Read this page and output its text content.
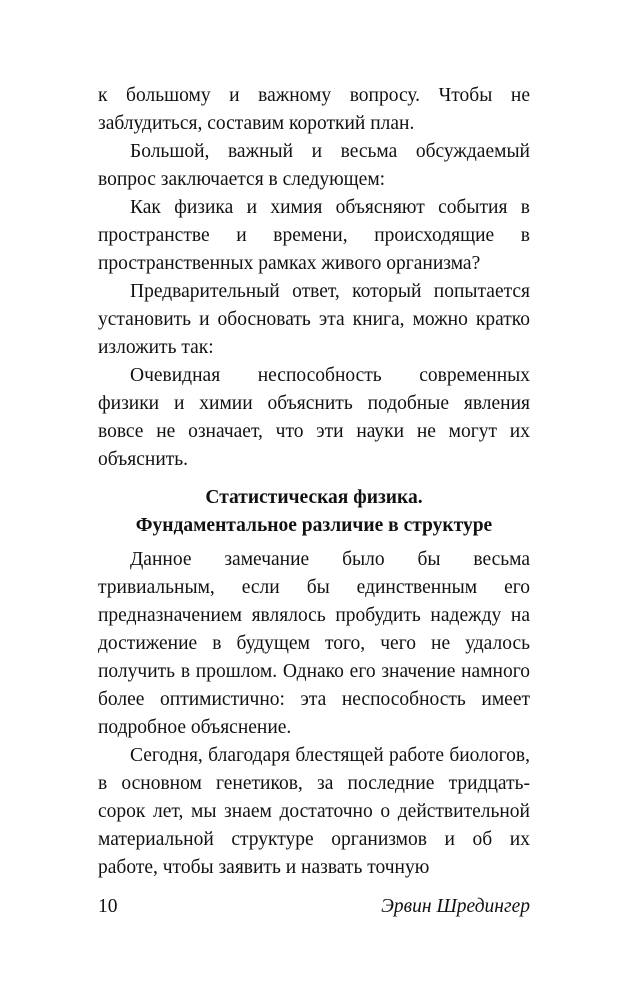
к большому и важному вопросу. Чтобы не заблудиться, составим короткий план.

Большой, важный и весьма обсуждаемый вопрос заключается в следующем:

Как физика и химия объясняют события в пространстве и времени, происходящие в пространственных рамках живого организма?

Предварительный ответ, который попытается установить и обосновать эта книга, можно кратко изложить так:

Очевидная неспособность современных физики и химии объяснить подобные явления вовсе не означает, что эти науки не могут их объяснить.

Статистическая физика.
Фундаментальное различие в структуре

Данное замечание было бы весьма тривиальным, если бы единственным его предназначением являлось пробудить надежду на достижение в будущем того, чего не удалось получить в прошлом. Однако его значение намного более оптимистично: эта неспособность имеет подробное объяснение.

Сегодня, благодаря блестящей работе биологов, в основном генетиков, за последние тридцать-сорок лет, мы знаем достаточно о действительной материальной структуре организмов и об их работе, чтобы заявить и назвать точную

10	Эрвин Шредингер
